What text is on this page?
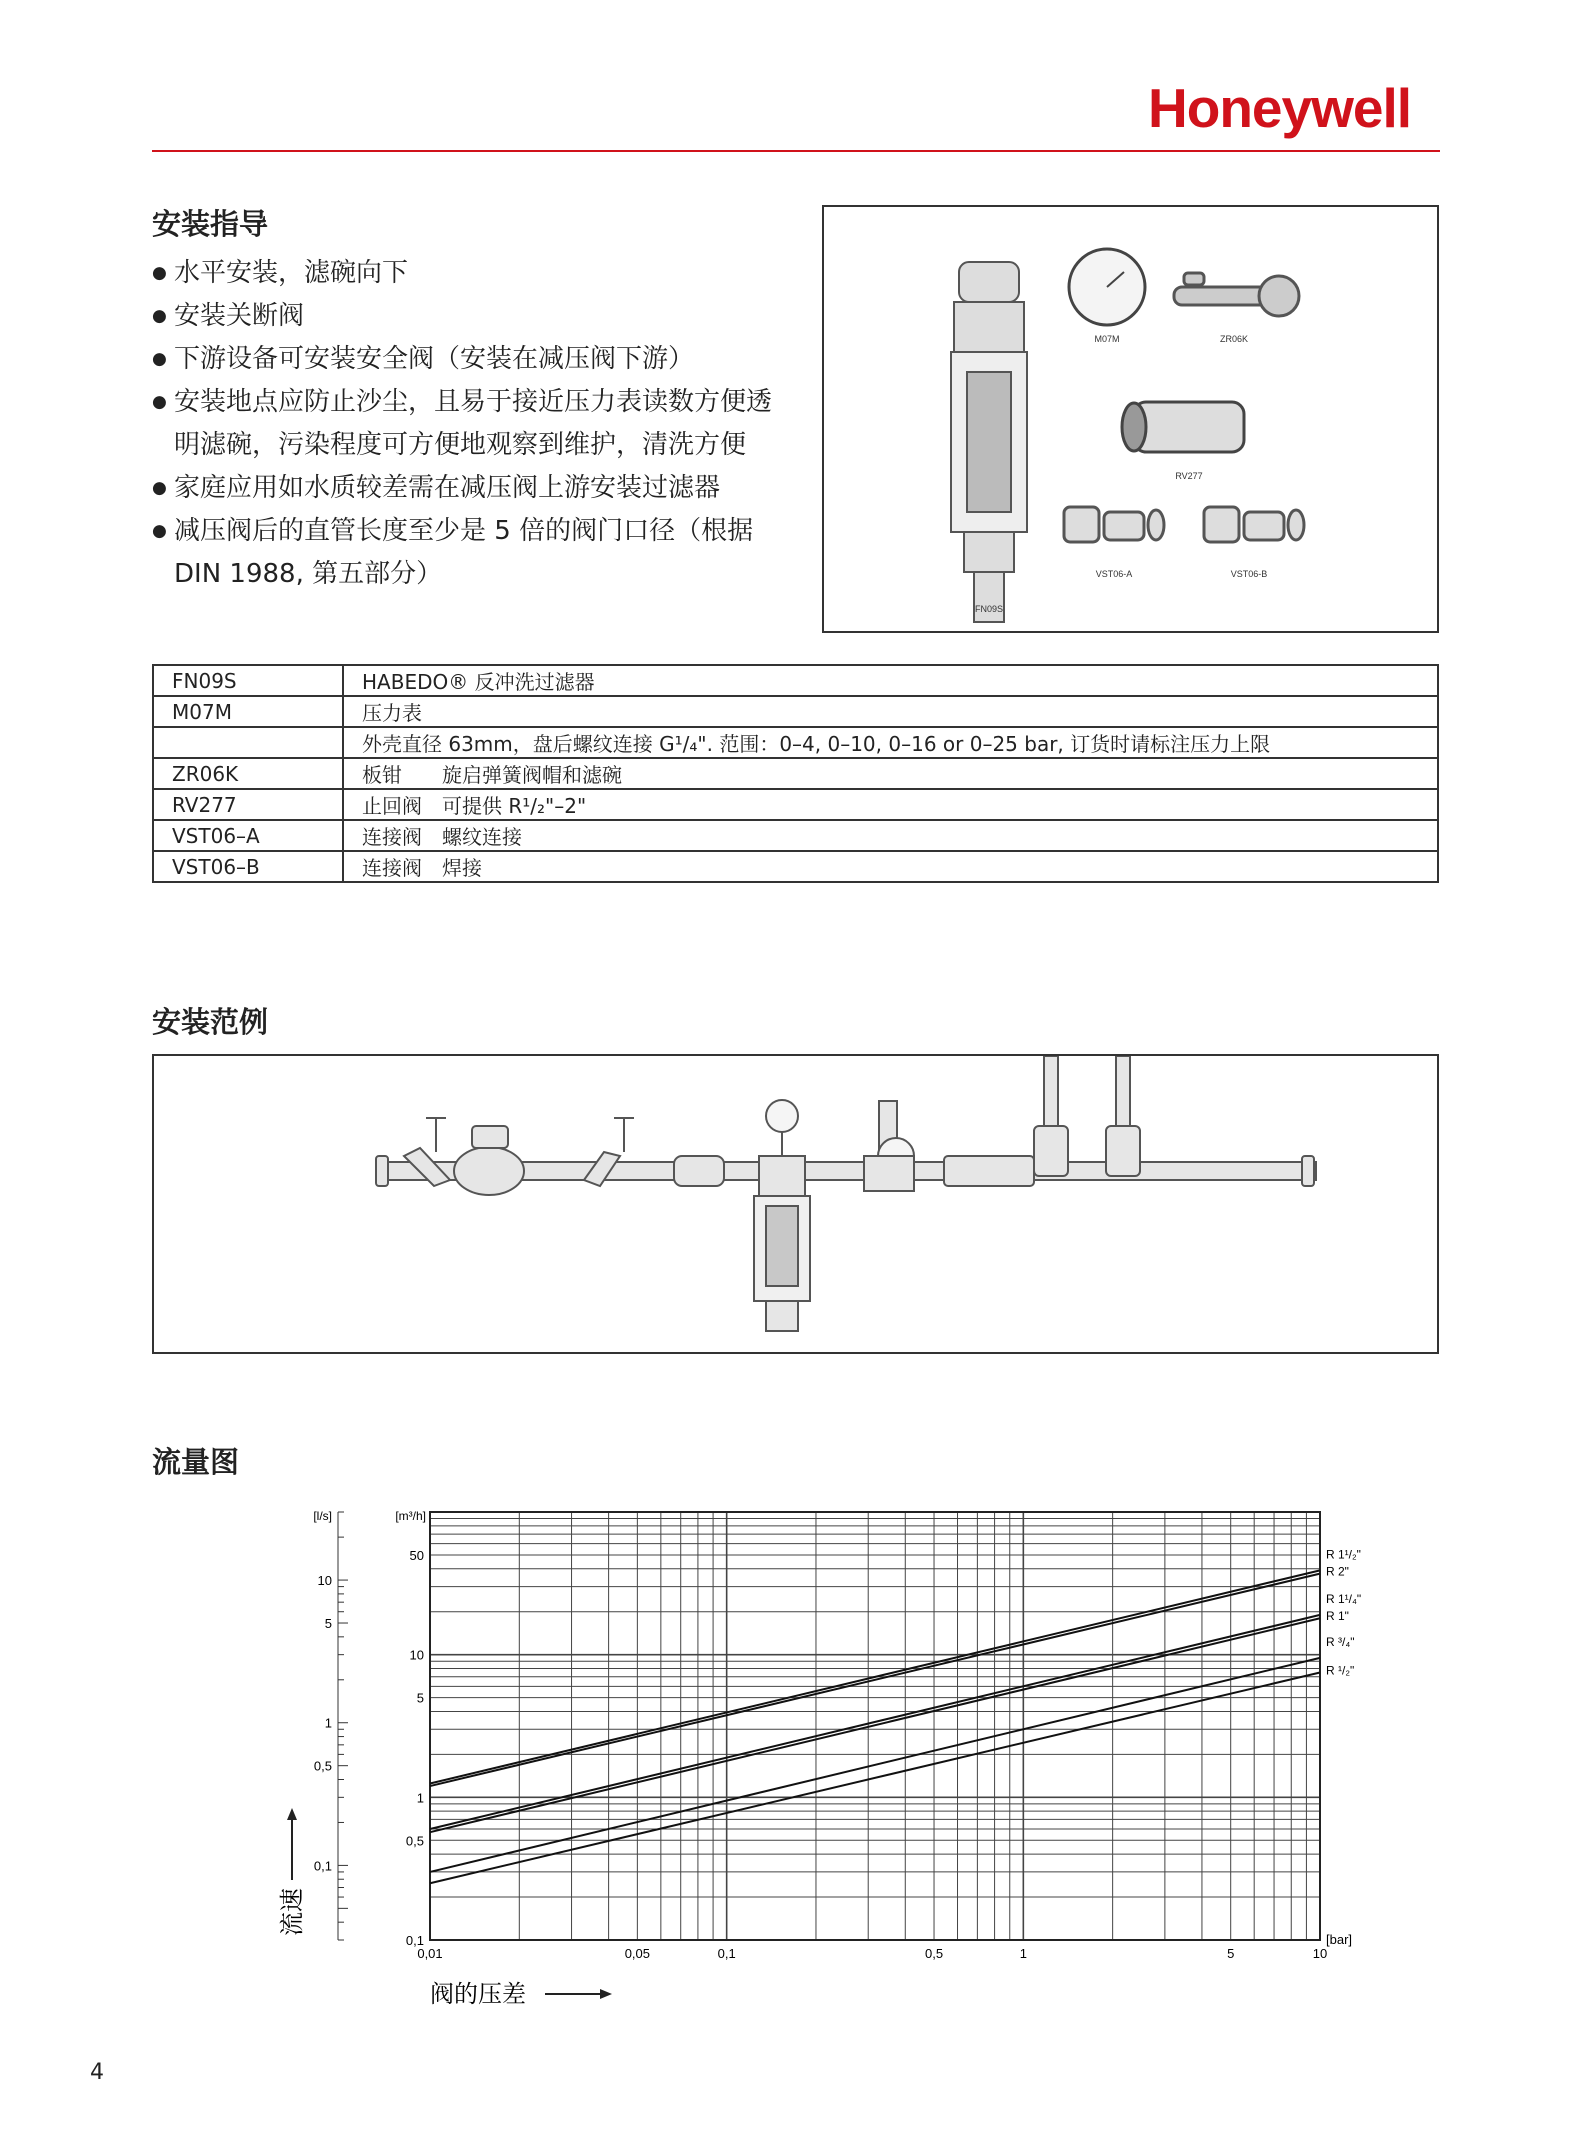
Honeywell
安装指导
● 水平安装，滤碗向下
● 安装关断阀
● 下游设备可安装安全阀（安装在减压阀下游）
● 安装地点应防止沙尘，且易于接近压力表读数方便透明滤碗，污染程度可方便地观察到维护，清洗方便
● 家庭应用如水质较差需在减压阀上游安装过滤器
● 减压阀后的直管长度至少是 5 倍的阀门口径（根据 DIN 1988, 第五部分）
FN09S
M07M	ZR06K
RV277
VST06-A	VST06-B
FN09S	HABEDO® 反冲洗过滤器
M07M	压力表
	外壳直径 63mm，盘后螺纹连接 G¹/₄". 范围：0–4, 0–10, 0–16 or 0–25 bar, 订货时请标注压力上限
ZR06K	板钳　　旋启弹簧阀帽和滤碗
RV277	止回阀　可提供 R¹/₂"–2"
VST06–A	连接阀　螺纹连接
VST06–B	连接阀　焊接
安装范例
流量图
0,1
0,5
1
5
10
[l/s]
0,1
0,5
1
5
10
50
[m³/h]
0,01	0,05	0,1	0,5	1	5	10
[bar]
阀的压差
流速
R 1¹/₂"
R 2"
R 1¹/₄"
R 1"
R ³/₄"
R ¹/₂"
4
